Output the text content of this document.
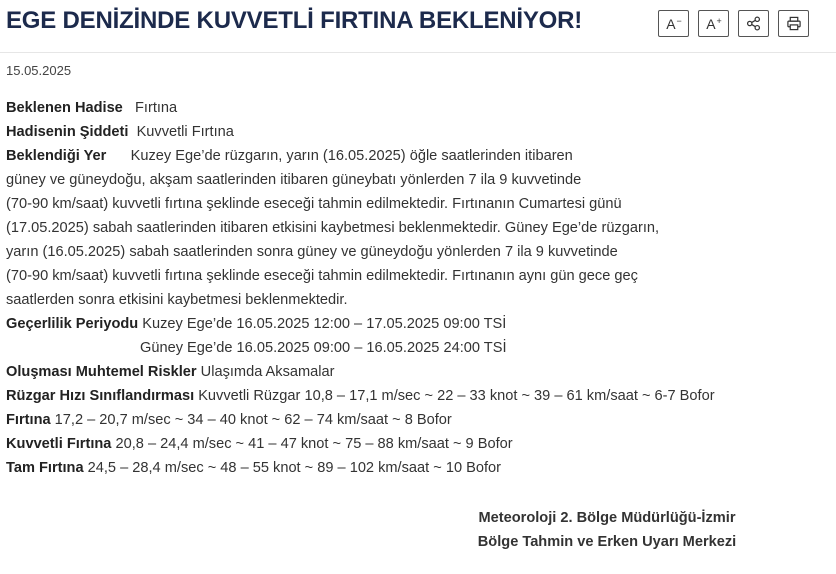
EGE DENİZİNDE KUVVETLİ FIRTINA BEKLENİYOR!	A− A+
15.05.2025
Beklenen Hadise Fırtına
Hadisenin Şiddeti Kuvvetli Fırtına
Beklendiği Yer Kuzey Ege’de rüzgarın, yarın (16.05.2025) öğle saatlerinden itibaren
güney ve güneydoğu, akşam saatlerinden itibaren güneybatı yönlerden 7 ila 9 kuvvetinde
(70-90 km/saat) kuvvetli fırtına şeklinde eseceği tahmin edilmektedir. Fırtınanın Cumartesi günü
(17.05.2025) sabah saatlerinden itibaren etkisini kaybetmesi beklenmektedir. Güney Ege’de rüzgarın,
yarın (16.05.2025) sabah saatlerinden sonra güney ve güneydoğu yönlerden 7 ila 9 kuvvetinde
(70-90 km/saat) kuvvetli fırtına şeklinde eseceği tahmin edilmektedir. Fırtınanın aynı gün gece geç
saatlerden sonra etkisini kaybetmesi beklenmektedir.
Geçerlilik Periyodu Kuzey Ege’de 16.05.2025 12:00 – 17.05.2025 09:00 TSİ
Güney Ege’de 16.05.2025 09:00 – 16.05.2025 24:00 TSİ
Oluşması Muhtemel Riskler Ulaşımda Aksamalar
Rüzgar Hızı Sınıflandırması Kuvvetli Rüzgar 10,8 – 17,1 m/sec ~ 22 – 33 knot ~ 39 – 61 km/saat ~ 6-7 Bofor
Fırtına 17,2 – 20,7 m/sec ~ 34 – 40 knot ~ 62 – 74 km/saat ~ 8 Bofor
Kuvvetli Fırtına 20,8 – 24,4 m/sec ~ 41 – 47 knot ~ 75 – 88 km/saat ~ 9 Bofor
Tam Fırtına 24,5 – 28,4 m/sec ~ 48 – 55 knot ~ 89 – 102 km/saat ~ 10 Bofor
Meteoroloji 2. Bölge Müdürlüğü-İzmir
Bölge Tahmin ve Erken Uyarı Merkezi
